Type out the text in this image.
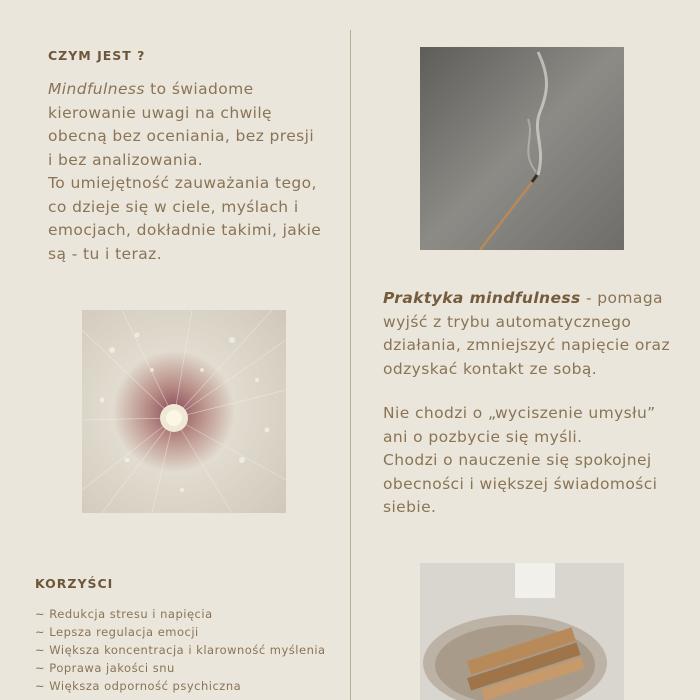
CZYM JEST ?
Mindfulness to świadome
kierowanie uwagi na chwilę
obecną bez oceniania, bez presji
i bez analizowania.
To umiejętność zauważania tego,
co dzieje się w ciele, myślach i
emocjach, dokładnie takimi, jakie
są - tu i teraz.
KORZYŚCI
~ Redukcja stresu i napięcia
~ Lepsza regulacja emocji
~ Większa koncentracja i klarowność myślenia
~ Poprawa jakości snu
~ Większa odporność psychiczna
Praktyka mindfulness - pomaga
wyjść z trybu automatycznego
działania, zmniejszyć napięcie oraz
odzyskać kontakt ze sobą.
Nie chodzi o „wyciszenie umysłu”
ani o pozbycie się myśli.
Chodzi o nauczenie się spokojnej
obecności i większej świadomości
siebie.
